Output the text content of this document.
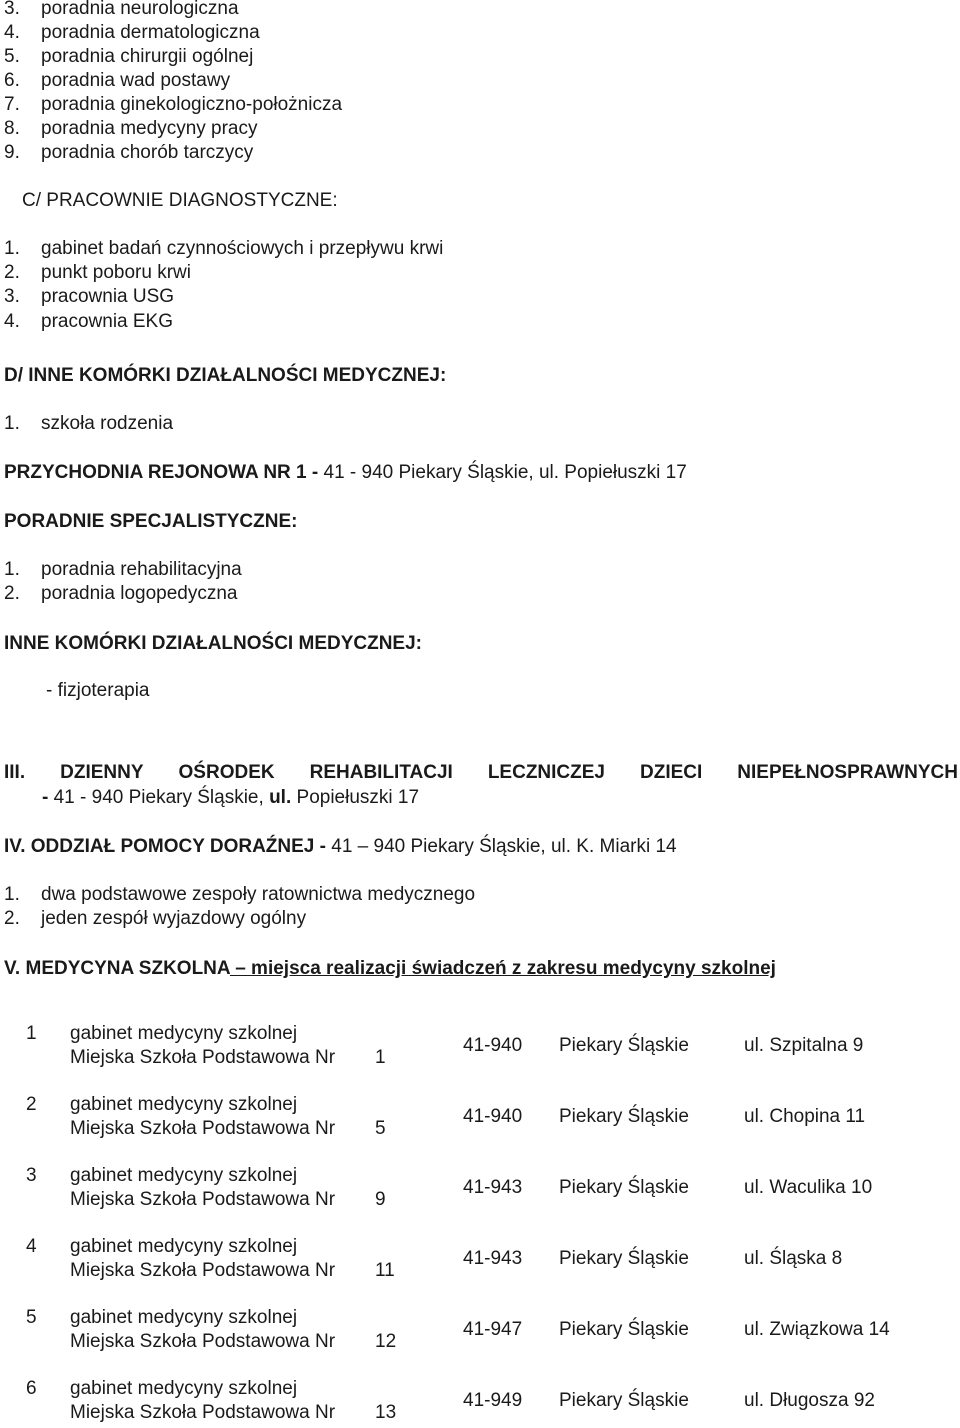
3. poradnia neurologiczna
4. poradnia dermatologiczna
5. poradnia chirurgii ogólnej
6. poradnia wad postawy
7. poradnia ginekologiczno-położnicza
8. poradnia medycyny pracy
9. poradnia chorób tarczycy
C/ PRACOWNIE DIAGNOSTYCZNE:
1. gabinet badań czynnościowych i przepływu krwi
2. punkt poboru krwi
3. pracownia USG
4. pracownia EKG
D/ INNE KOMÓRKI DZIAŁALNOŚCI MEDYCZNEJ:
1. szkoła rodzenia
PRZYCHODNIA REJONOWA NR 1 - 41 - 940 Piekary Śląskie, ul. Popiełuszki 17
PORADNIE SPECJALISTYCZNE:
1. poradnia rehabilitacyjna
2. poradnia logopedyczna
INNE KOMÓRKI DZIAŁALNOŚCI MEDYCZNEJ:
- fizjoterapia
III. DZIENNY OŚRODEK REHABILITACJI LECZNICZEJ DZIECI NIEPEŁNOSPRAWNYCH
- 41 - 940 Piekary Śląskie, ul. Popiełuszki 17
IV. ODDZIAŁ POMOCY DORAŹNEJ - 41 – 940 Piekary Śląskie, ul. K. Miarki 14
1. dwa podstawowe zespoły ratownictwa medycznego
2. jeden zespół wyjazdowy ogólny
V. MEDYCYNA SZKOLNA – miejsca realizacji świadczeń z zakresu medycyny szkolnej
1 gabinet medycyny szkolnej
Miejska Szkoła Podstawowa Nr 1
41-940 Piekary Śląskie	ul. Szpitalna 9
2 gabinet medycyny szkolnej
Miejska Szkoła Podstawowa Nr 5
41-940 Piekary Śląskie	ul. Chopina 11
3 gabinet medycyny szkolnej
Miejska Szkoła Podstawowa Nr 9
41-943 Piekary Śląskie	ul. Waculika 10
4 gabinet medycyny szkolnej
Miejska Szkoła Podstawowa Nr 11
41-943 Piekary Śląskie	ul. Śląska 8
5 gabinet medycyny szkolnej
Miejska Szkoła Podstawowa Nr 12
41-947 Piekary Śląskie	ul. Związkowa 14
6 gabinet medycyny szkolnej
Miejska Szkoła Podstawowa Nr 13
41-949 Piekary Śląskie	ul. Długosza 92
